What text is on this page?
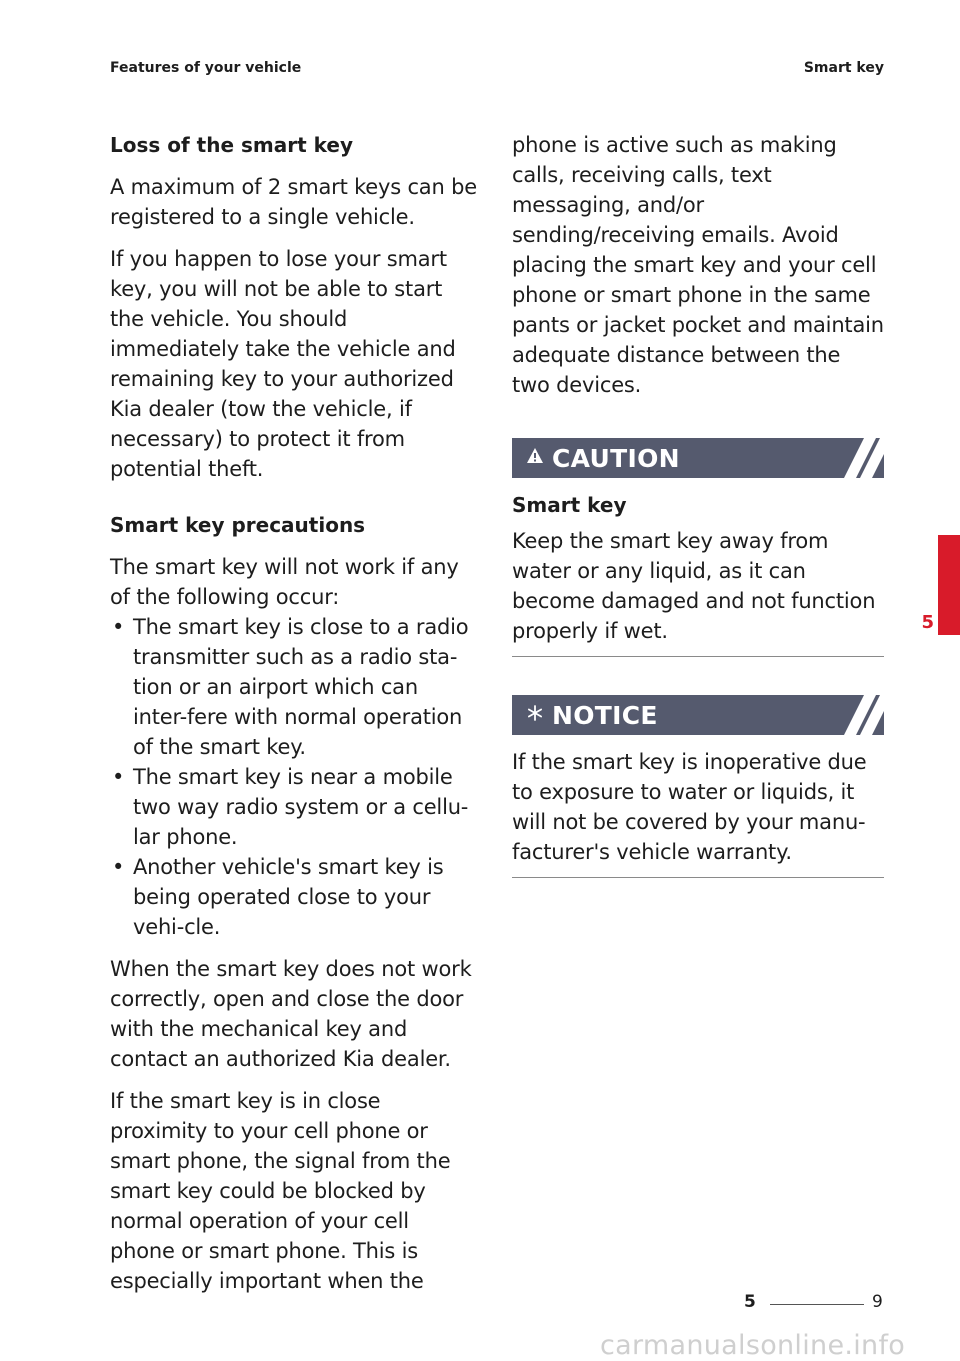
Features of your vehicle	Smart key
Loss of the smart key

A maximum of 2 smart keys can be registered to a single vehicle.

If you happen to lose your smart key, you will not be able to start the vehicle. You should immediately take the vehicle and remaining key to your authorized Kia dealer (tow the vehicle, if necessary) to protect it from potential theft.

Smart key precautions

The smart key will not work if any of the following occur:

• The smart key is close to a radio transmitter such as a radio sta-tion or an airport which can inter-fere with normal operation of the smart key.
• The smart key is near a mobile two way radio system or a cellu-lar phone.
• Another vehicle's smart key is being operated close to your vehi-cle.

When the smart key does not work correctly, open and close the door with the mechanical key and contact an authorized Kia dealer.

If the smart key is in close proximity to your cell phone or smart phone, the signal from the smart key could be blocked by normal operation of your cell phone or smart phone. This is especially important when the

phone is active such as making calls, receiving calls, text messaging, and/or sending/receiving emails. Avoid placing the smart key and your cell phone or smart phone in the same pants or jacket pocket and maintain adequate distance between the two devices.

CAUTION
Smart key

Keep the smart key away from water or any liquid, as it can become damaged and not function properly if wet.

NOTICE

If the smart key is inoperative due to exposure to water or liquids, it will not be covered by your manu-facturer's vehicle warranty.

5
5	9
carmanualsonline.info
